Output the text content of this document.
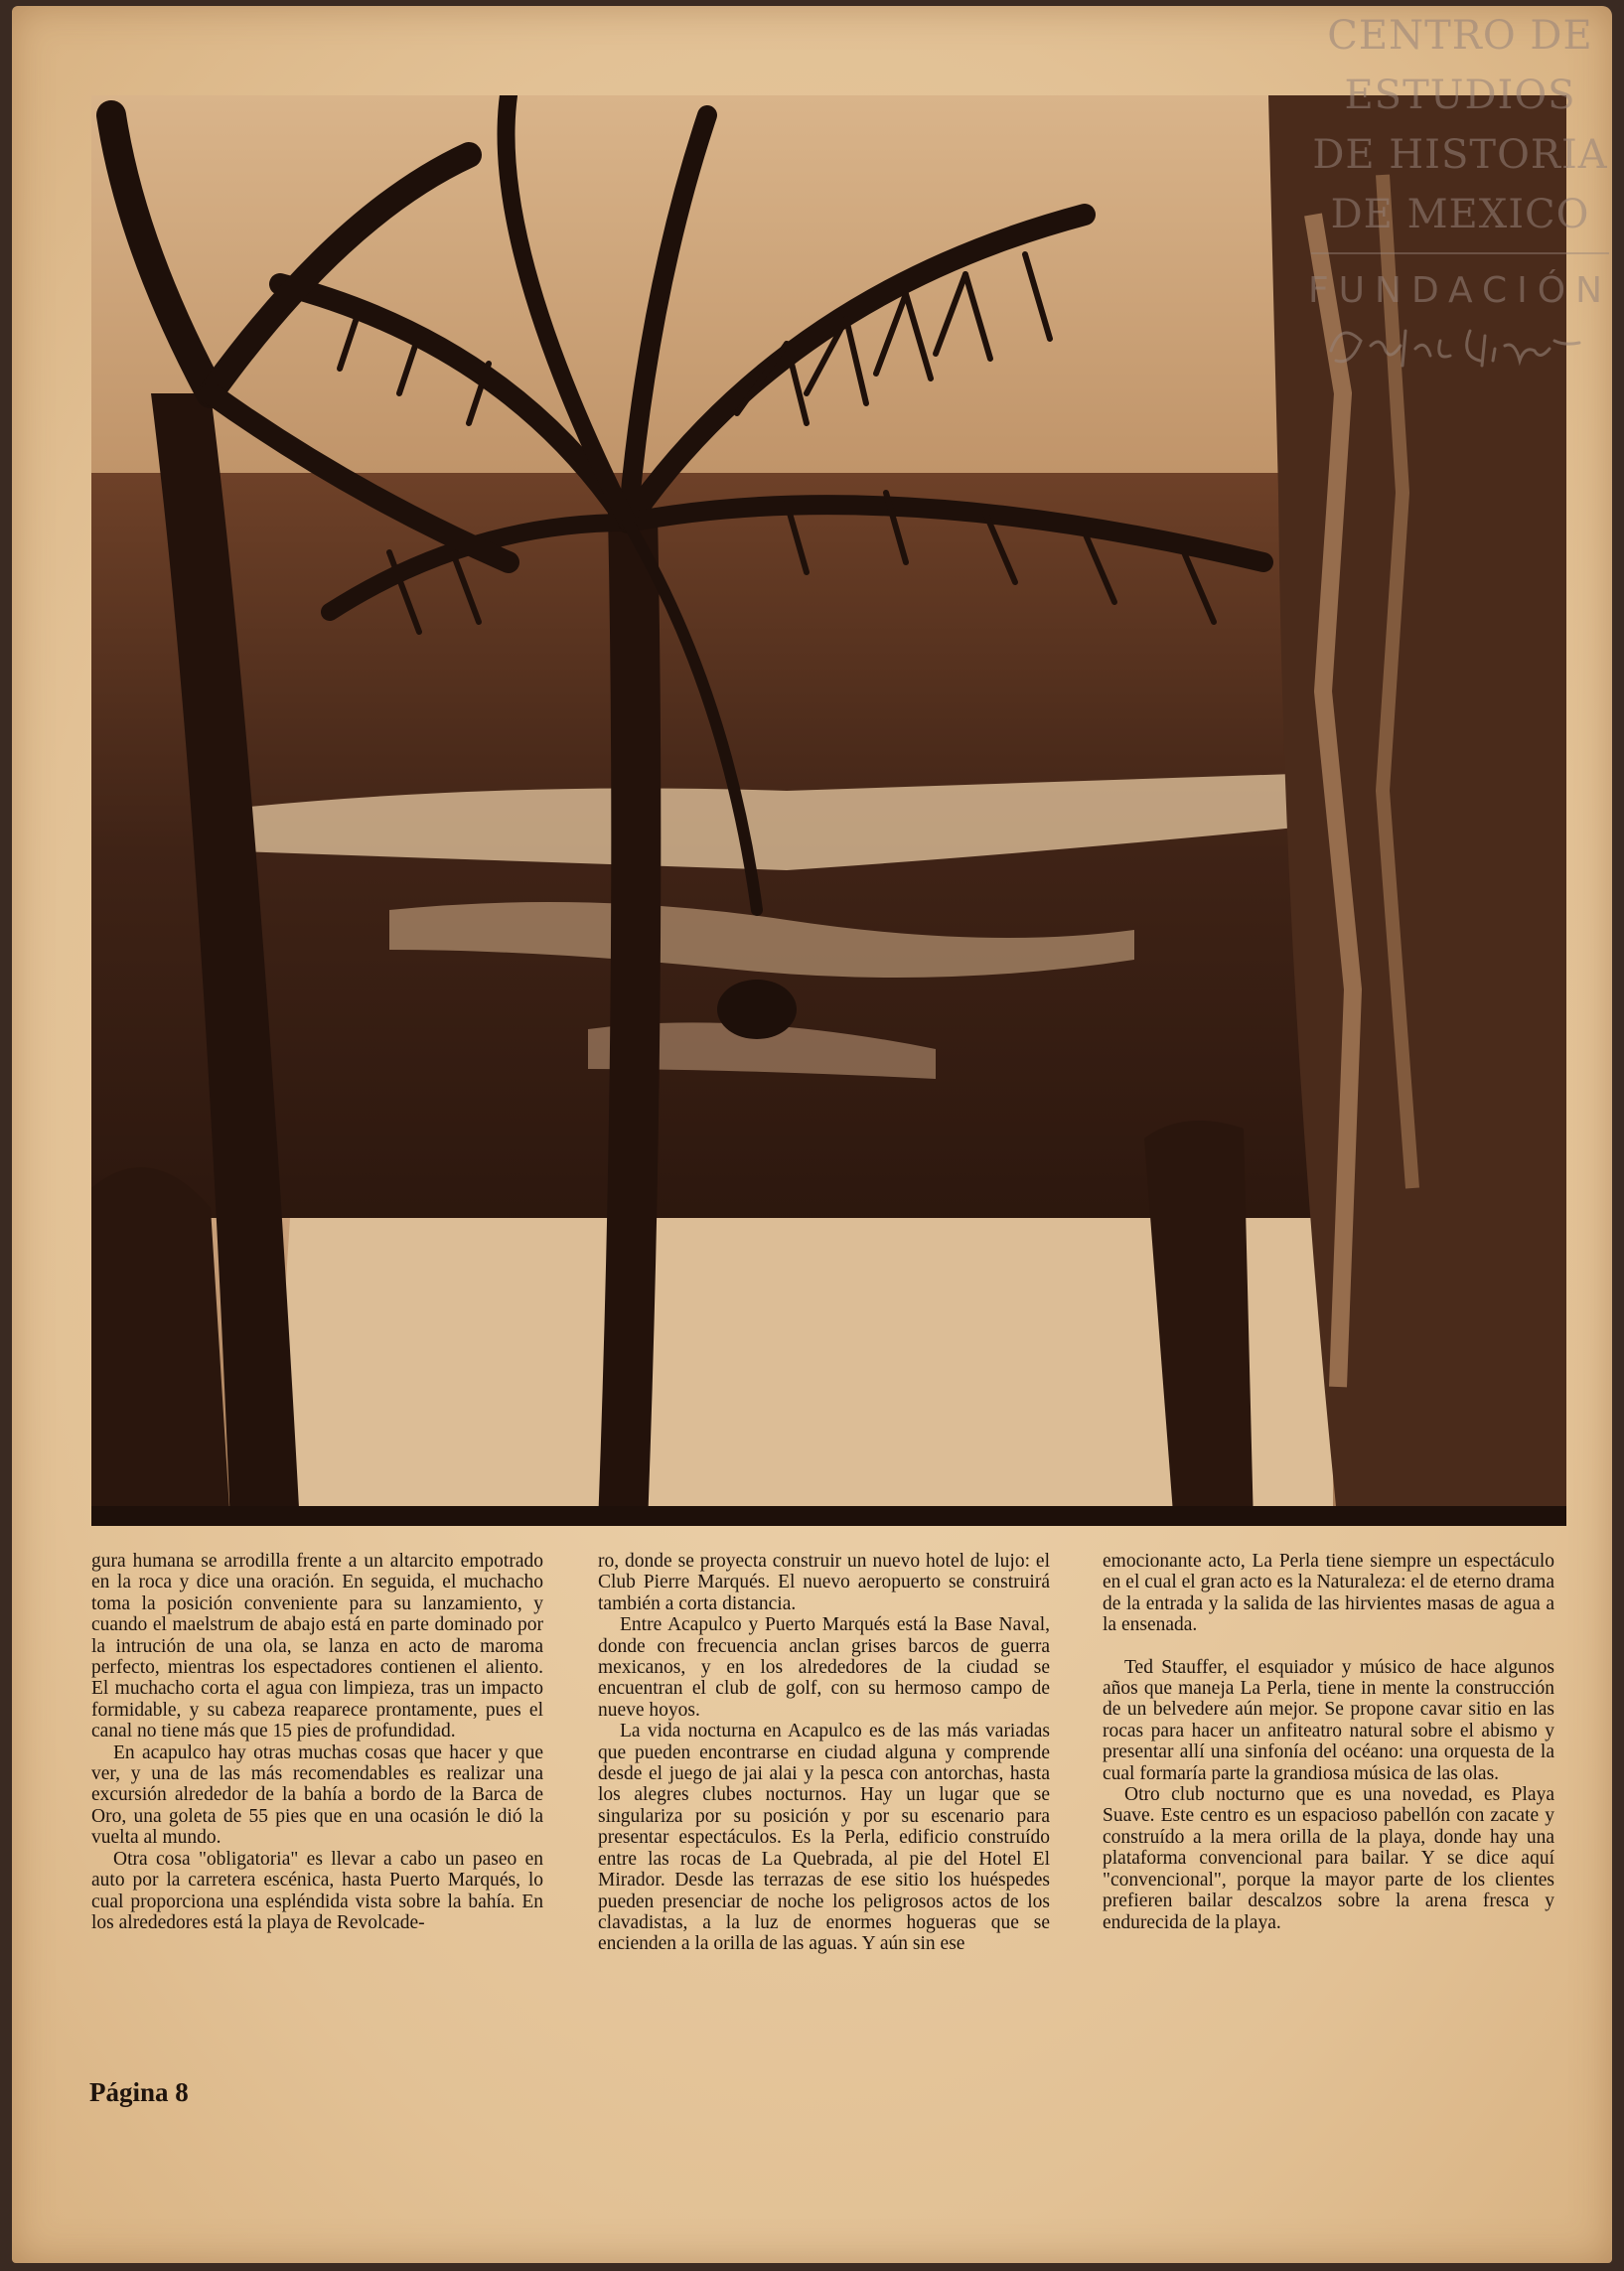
gura humana se arrodilla frente a un altarcito empotrado en la roca y dice una oración. En seguida, el muchacho toma la posición conveniente para su lanzamiento, y cuando el maelstrum de abajo está en parte dominado por la intrución de una ola, se lanza en acto de maroma perfecto, mientras los espectadores contienen el aliento. El muchacho corta el agua con limpieza, tras un impacto formidable, y su cabeza reaparece prontamente, pues el canal no tiene más que 15 pies de profundidad.

En acapulco hay otras muchas cosas que hacer y que ver, y una de las más recomendables es realizar una excursión alrededor de la bahía a bordo de la Barca de Oro, una goleta de 55 pies que en una ocasión le dió la vuelta al mundo.

Otra cosa "obligatoria" es llevar a cabo un paseo en auto por la carretera escénica, hasta Puerto Marqués, lo cual proporciona una espléndida vista sobre la bahía. En los alrededores está la playa de Revolcade-

ro, donde se proyecta construir un nuevo hotel de lujo: el Club Pierre Marqués. El nuevo aeropuerto se construirá también a corta distancia.

Entre Acapulco y Puerto Marqués está la Base Naval, donde con frecuencia anclan grises barcos de guerra mexicanos, y en los alrededores de la ciudad se encuentran el club de golf, con su hermoso campo de nueve hoyos.

La vida nocturna en Acapulco es de las más variadas que pueden encontrarse en ciudad alguna y comprende desde el juego de jai alai y la pesca con antorchas, hasta los alegres clubes nocturnos. Hay un lugar que se singulariza por su posición y por su escenario para presentar espectáculos. Es la Perla, edificio construído entre las rocas de La Quebrada, al pie del Hotel El Mirador. Desde las terrazas de ese sitio los huéspedes pueden presenciar de noche los peligrosos actos de los clavadistas, a la luz de enormes hogueras que se encienden a la orilla de las aguas. Y aún sin ese

emocionante acto, La Perla tiene siempre un espectáculo en el cual el gran acto es la Naturaleza: el de eterno drama de la entrada y la salida de las hirvientes masas de agua a la ensenada.

Ted Stauffer, el esquiador y músico de hace algunos años que maneja La Perla, tiene in mente la construcción de un belvedere aún mejor. Se propone cavar sitio en las rocas para hacer un anfiteatro natural sobre el abismo y presentar allí una sinfonía del océano: una orquesta de la cual formaría parte la grandiosa música de las olas.

Otro club nocturno que es una novedad, es Playa Suave. Este centro es un espacioso pabellón con zacate y construído a la mera orilla de la playa, donde hay una plataforma convencional para bailar. Y se dice aquí "convencional", porque la mayor parte de los clientes prefieren bailar descalzos sobre la arena fresca y endurecida de la playa.

Página 8
CENTRO DE
ESTUDIOS
DE HISTORIA
DE MEXICO
FUNDACIÓN
